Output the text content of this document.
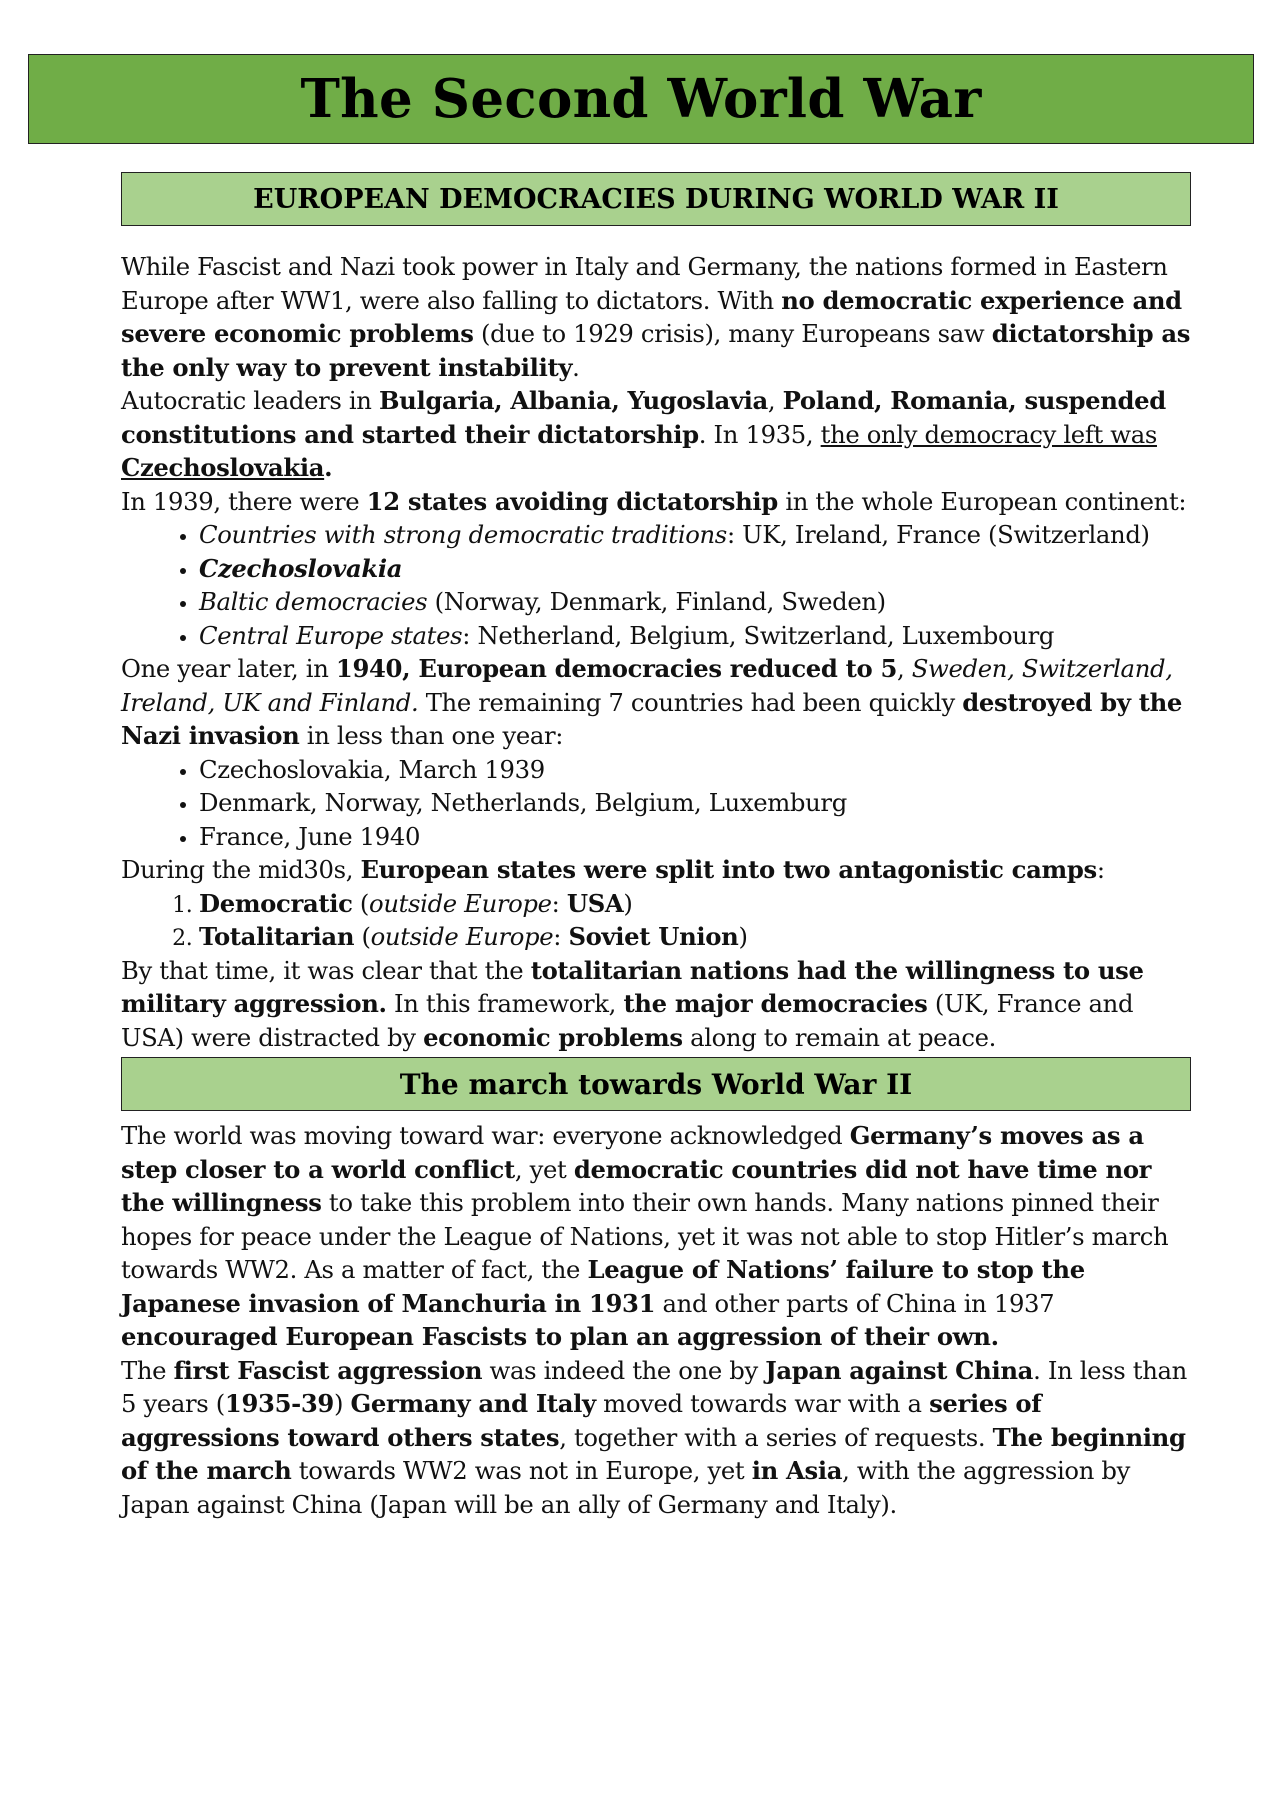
The Second World War
EUROPEAN DEMOCRACIES DURING WORLD WAR II

While Fascist and Nazi took power in Italy and Germany, the nations formed in Eastern Europe after WW1, were also falling to dictators. With no democratic experience and severe economic problems (due to 1929 crisis), many Europeans saw dictatorship as the only way to prevent instability.

Autocratic leaders in Bulgaria, Albania, Yugoslavia, Poland, Romania, suspended constitutions and started their dictatorship. In 1935, the only democracy left was Czechoslovakia.

In 1939, there were 12 states avoiding dictatorship in the whole European continent:

• Countries with strong democratic traditions: UK, Ireland, France (Switzerland)
• Czechoslovakia
• Baltic democracies (Norway, Denmark, Finland, Sweden)
• Central Europe states: Netherland, Belgium, Switzerland, Luxembourg

One year later, in 1940, European democracies reduced to 5, Sweden, Switzerland, Ireland, UK and Finland. The remaining 7 countries had been quickly destroyed by the Nazi invasion in less than one year:

• Czechoslovakia, March 1939
• Denmark, Norway, Netherlands, Belgium, Luxemburg
• France, June 1940

During the mid30s, European states were split into two antagonistic camps:

1. Democratic (outside Europe: USA)
2. Totalitarian (outside Europe: Soviet Union)

By that time, it was clear that the totalitarian nations had the willingness to use military aggression. In this framework, the major democracies (UK, France and USA) were distracted by economic problems along to remain at peace.

The march towards World War II

The world was moving toward war: everyone acknowledged Germany’s moves as a step closer to a world conflict, yet democratic countries did not have time nor the willingness to take this problem into their own hands. Many nations pinned their hopes for peace under the League of Nations, yet it was not able to stop Hitler’s march towards WW2. As a matter of fact, the League of Nations’ failure to stop the Japanese invasion of Manchuria in 1931 and other parts of China in 1937 encouraged European Fascists to plan an aggression of their own.

The first Fascist aggression was indeed the one by Japan against China. In less than 5 years (1935-39) Germany and Italy moved towards war with a series of aggressions toward others states, together with a series of requests. The beginning of the march towards WW2 was not in Europe, yet in Asia, with the aggression by Japan against China (Japan will be an ally of Germany and Italy).
